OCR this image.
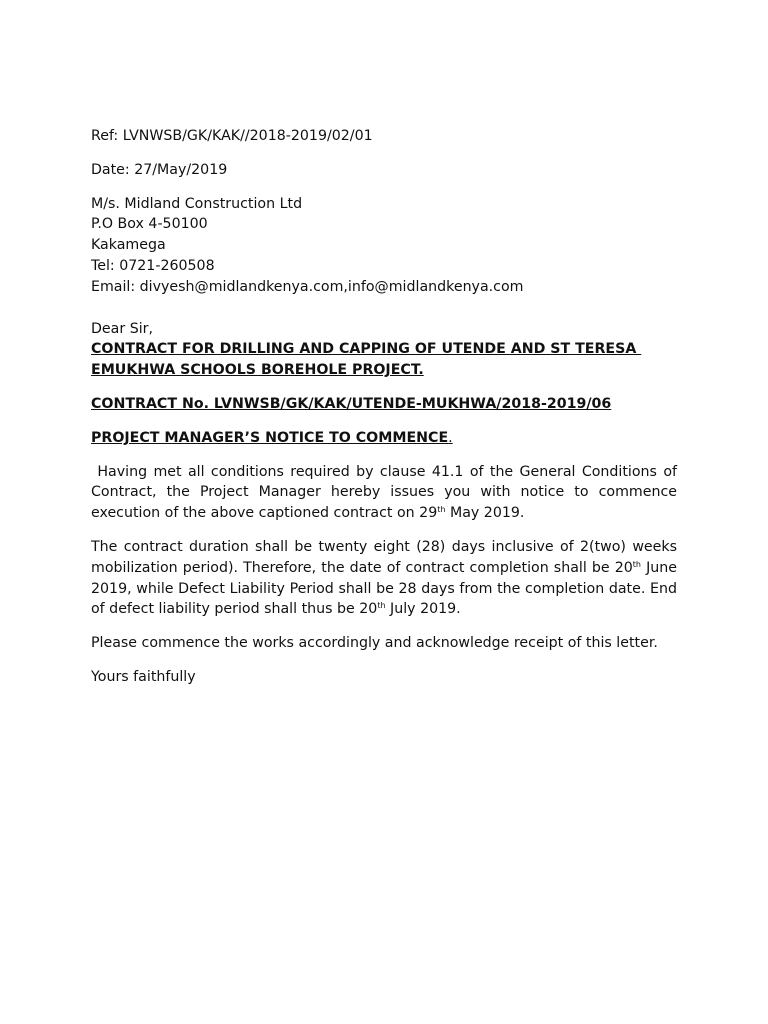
Ref: LVNWSB/GK/KAK//2018-2019/02/01
Date: 27/May/2019
M/s. Midland Construction Ltd
P.O Box 4-50100
Kakamega
Tel: 0721-260508
Email: divyesh@midlandkenya.com,info@midlandkenya.com
Dear Sir,
CONTRACT FOR DRILLING AND CAPPING OF UTENDE AND ST TERESA
EMUKHWA SCHOOLS BOREHOLE PROJECT.
CONTRACT No. LVNWSB/GK/KAK/UTENDE-MUKHWA/2018-2019/06
PROJECT MANAGER’S NOTICE TO COMMENCE.
Having met all conditions required by clause 41.1 of the General Conditions of Contract, the Project Manager hereby issues you with notice to commence execution of the above captioned contract on 29th May 2019.
The contract duration shall be twenty eight (28) days inclusive of 2(two) weeks mobilization period). Therefore, the date of contract completion shall be 20th June 2019, while Defect Liability Period shall be 28 days from the completion date. End of defect liability period shall thus be 20th July 2019.
Please commence the works accordingly and acknowledge receipt of this letter.
Yours faithfully
